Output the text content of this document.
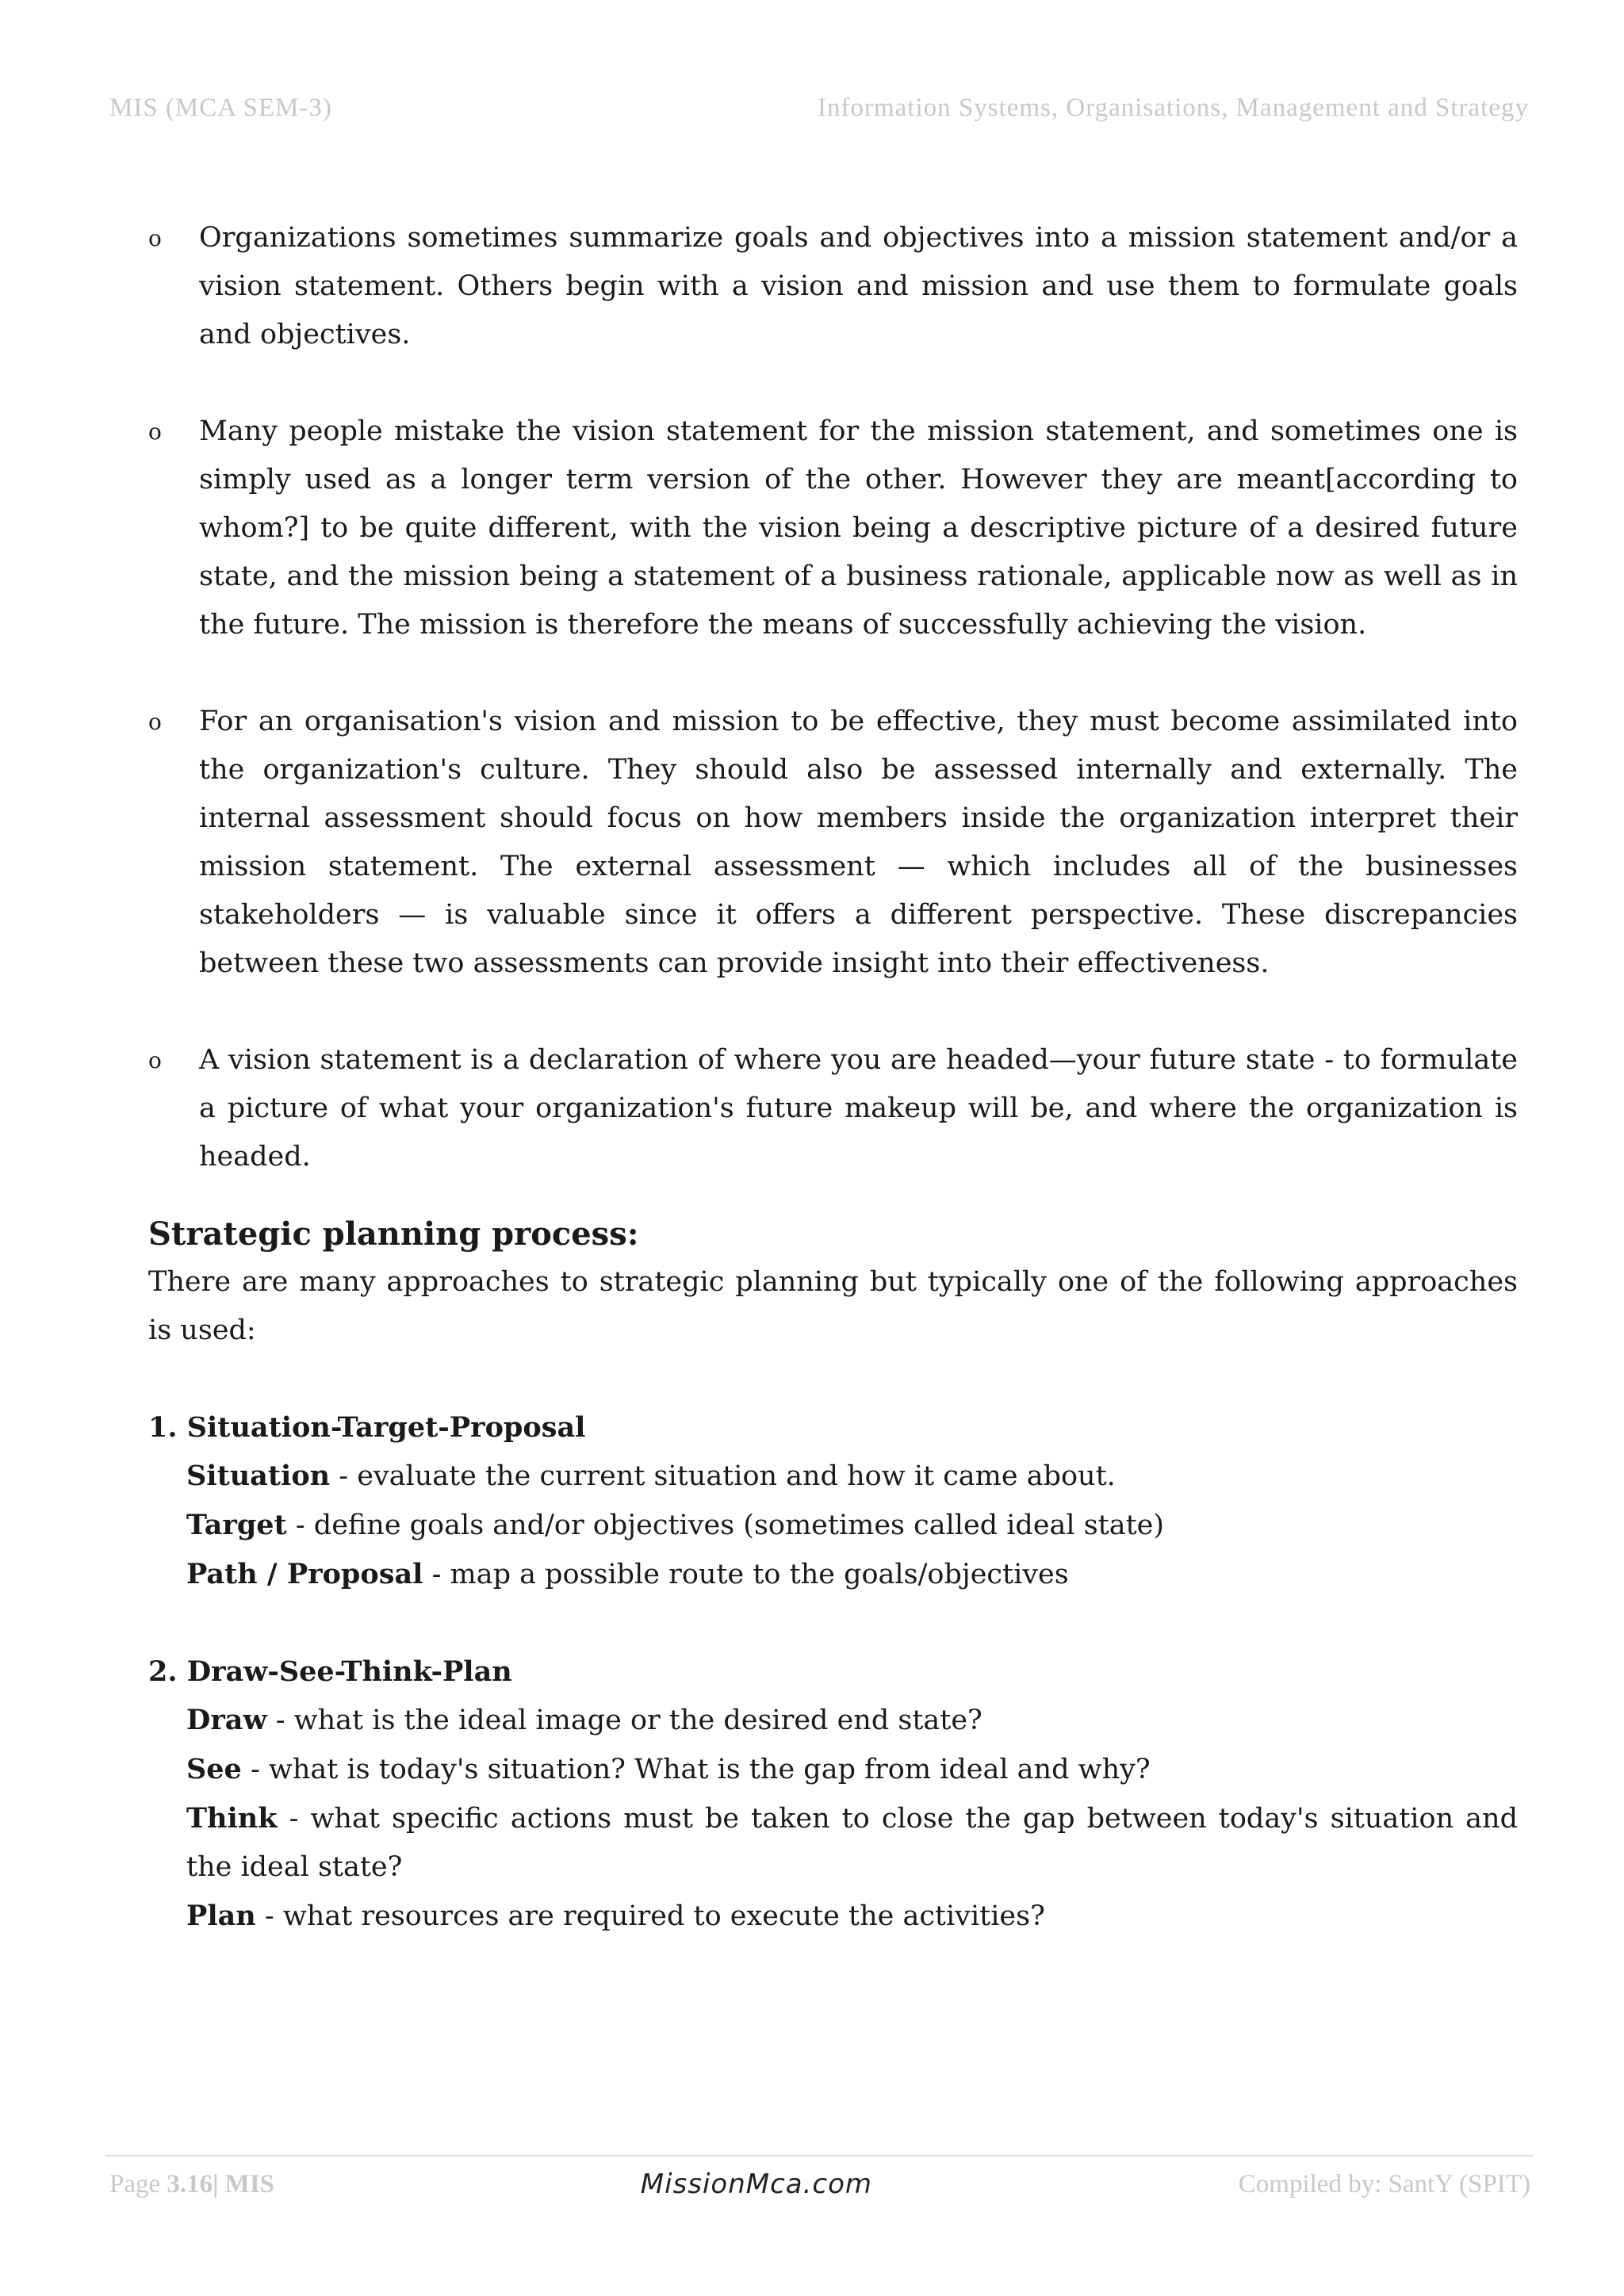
MIS (MCA SEM-3)	Information Systems, Organisations, Management and Strategy
o Organizations sometimes summarize goals and objectives into a mission statement and/or a vision statement. Others begin with a vision and mission and use them to formulate goals and objectives.
o Many people mistake the vision statement for the mission statement, and sometimes one is simply used as a longer term version of the other. However they are meant[according to whom?] to be quite different, with the vision being a descriptive picture of a desired future state, and the mission being a statement of a business rationale, applicable now as well as in the future. The mission is therefore the means of successfully achieving the vision.
o For an organisation's vision and mission to be effective, they must become assimilated into the organization's culture. They should also be assessed internally and externally. The internal assessment should focus on how members inside the organization interpret their mission statement. The external assessment — which includes all of the businesses stakeholders — is valuable since it offers a different perspective. These discrepancies between these two assessments can provide insight into their effectiveness.
o A vision statement is a declaration of where you are headed—your future state - to formulate a picture of what your organization's future makeup will be, and where the organization is headed.
Strategic planning process:

There are many approaches to strategic planning but typically one of the following approaches is used:

1. Situation-Target-Proposal
Situation - evaluate the current situation and how it came about.
Target - define goals and/or objectives (sometimes called ideal state)
Path / Proposal - map a possible route to the goals/objectives
2. Draw-See-Think-Plan
Draw - what is the ideal image or the desired end state?
See - what is today's situation? What is the gap from ideal and why?
Think - what specific actions must be taken to close the gap between today's situation and the ideal state?
Plan - what resources are required to execute the activities?
Page 3.16| MIS	MissionMca.com	Compiled by: SantY (SPIT)
